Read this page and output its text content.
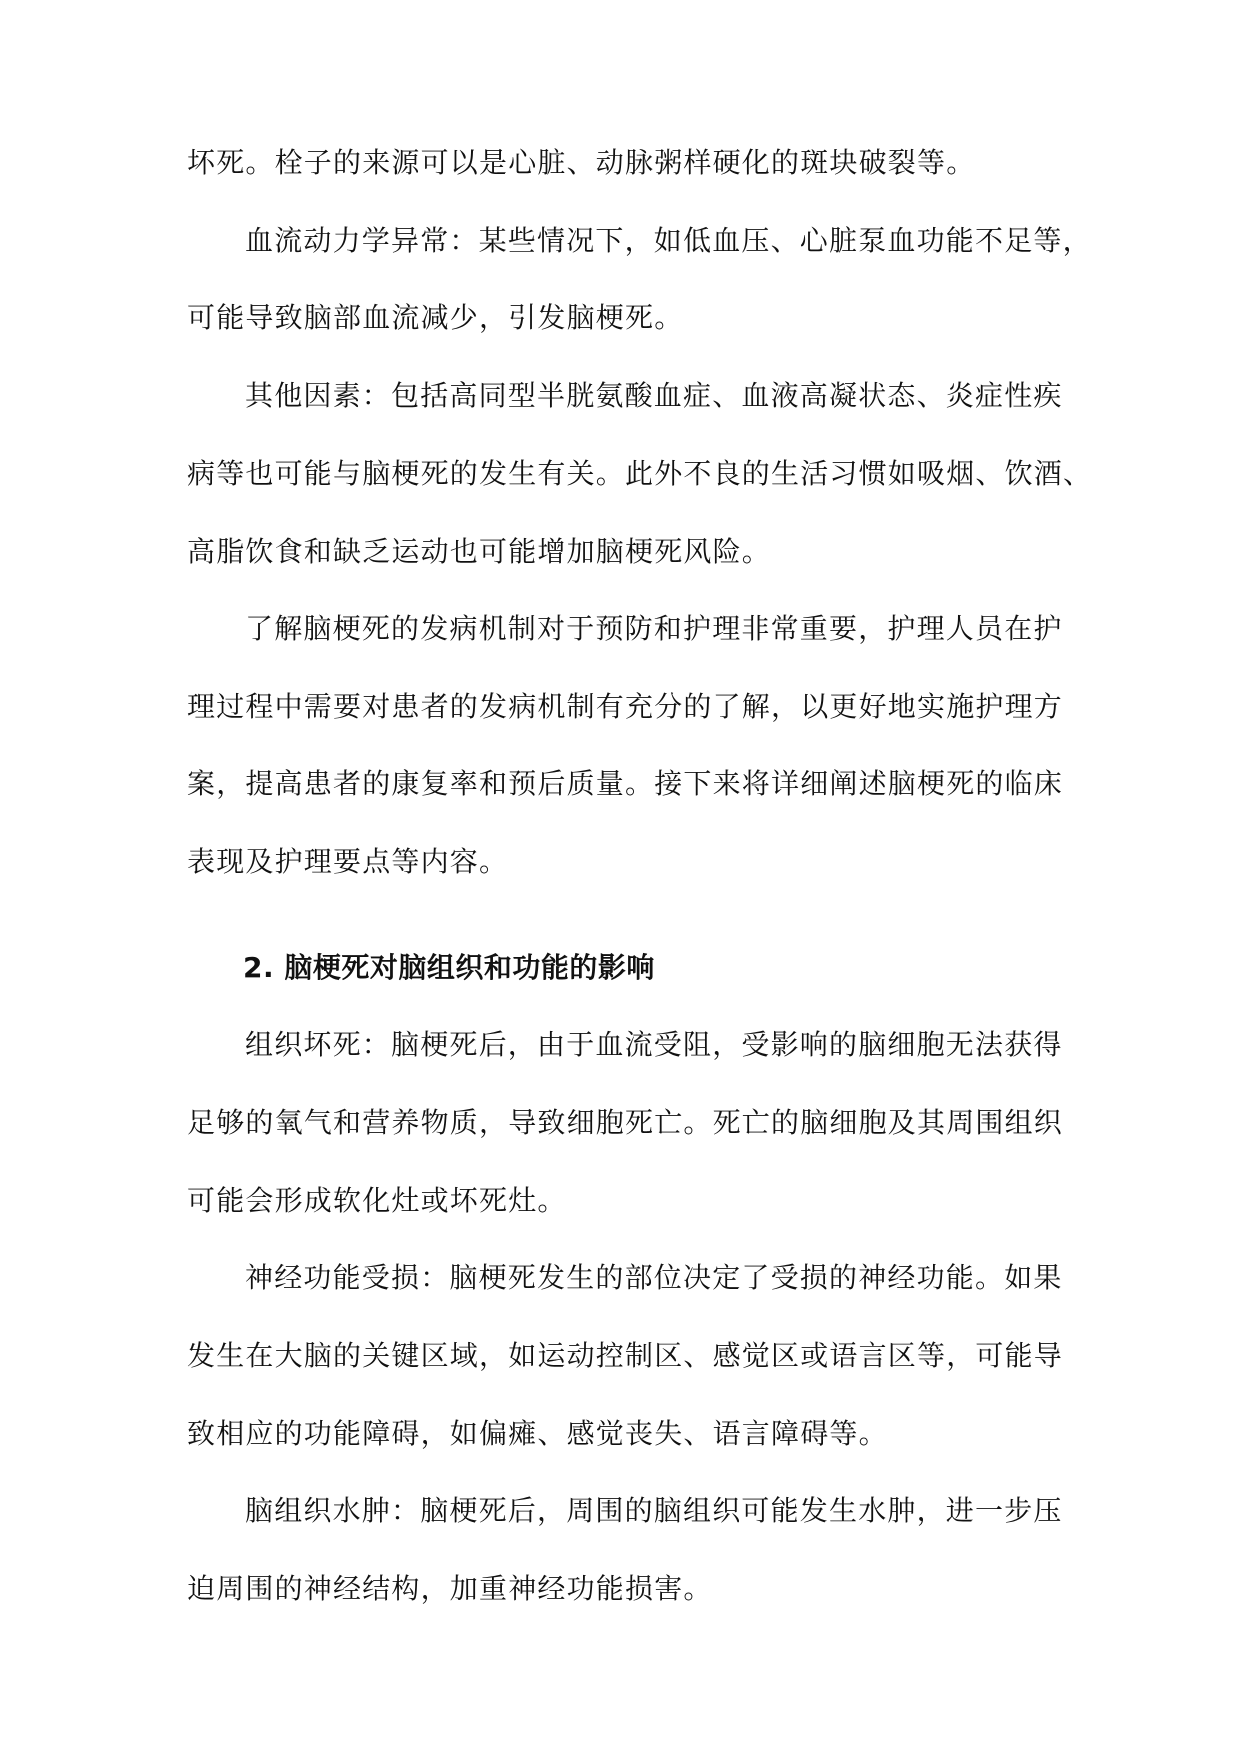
坏死。栓子的来源可以是心脏、动脉粥样硬化的斑块破裂等。
血流动力学异常：某些情况下，如低血压、心脏泵血功能不足等，
可能导致脑部血流减少，引发脑梗死。
其他因素：包括高同型半胱氨酸血症、血液高凝状态、炎症性疾
病等也可能与脑梗死的发生有关。此外不良的生活习惯如吸烟、饮酒、
高脂饮食和缺乏运动也可能增加脑梗死风险。
了解脑梗死的发病机制对于预防和护理非常重要，护理人员在护
理过程中需要对患者的发病机制有充分的了解，以更好地实施护理方
案，提高患者的康复率和预后质量。接下来将详细阐述脑梗死的临床
表现及护理要点等内容。
2. 脑梗死对脑组织和功能的影响
组织坏死：脑梗死后，由于血流受阻，受影响的脑细胞无法获得
足够的氧气和营养物质，导致细胞死亡。死亡的脑细胞及其周围组织
可能会形成软化灶或坏死灶。
神经功能受损：脑梗死发生的部位决定了受损的神经功能。如果
发生在大脑的关键区域，如运动控制区、感觉区或语言区等，可能导
致相应的功能障碍，如偏瘫、感觉丧失、语言障碍等。
脑组织水肿：脑梗死后，周围的脑组织可能发生水肿，进一步压
迫周围的神经结构，加重神经功能损害。
